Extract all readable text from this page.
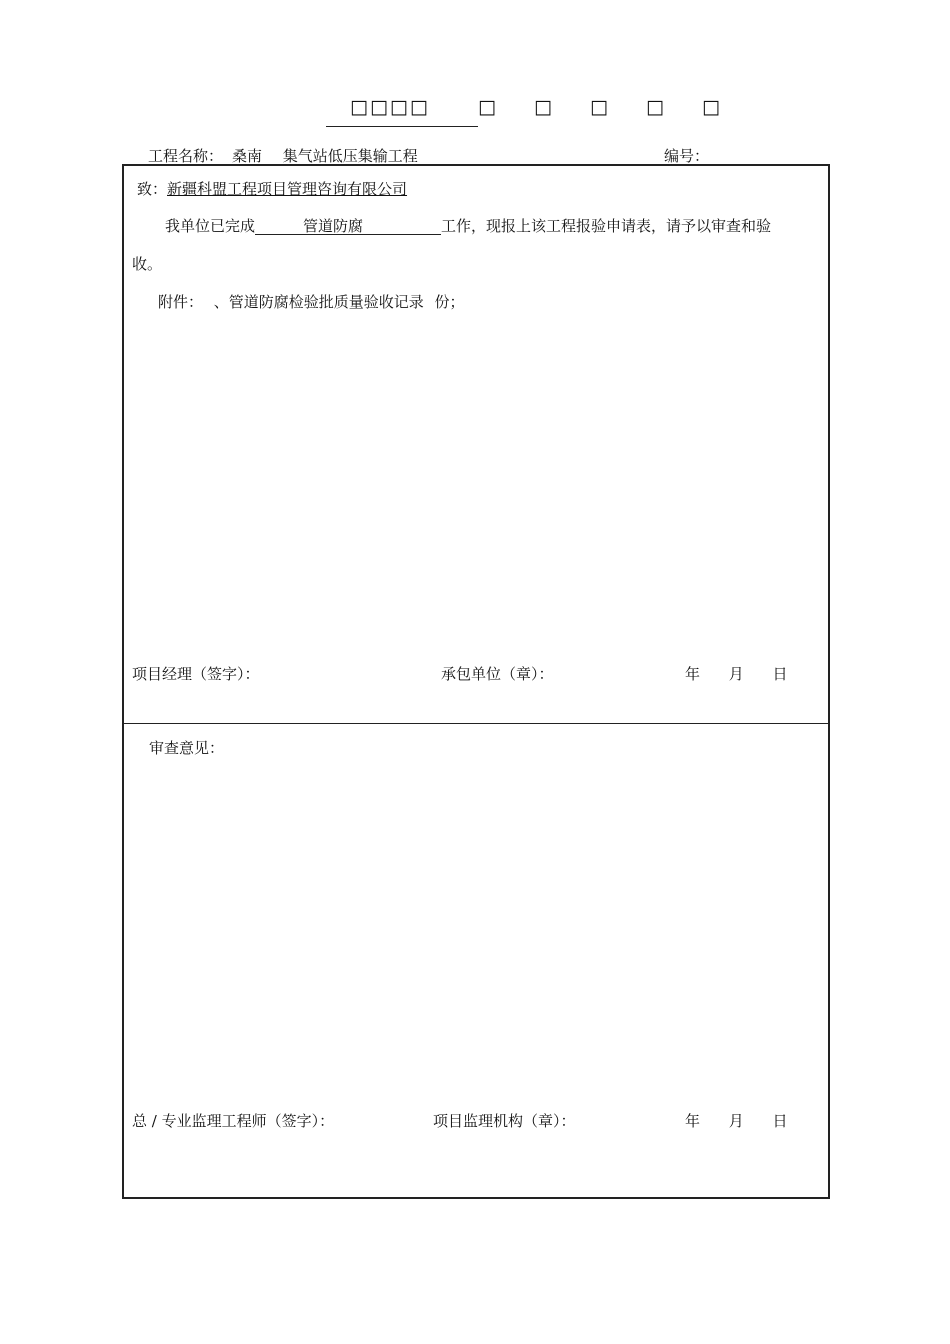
□□□□	□ □ □ □ □
工程名称： 桑南 集气站低压集输工程	编号：
致：新疆科盟工程项目管理咨询有限公司
我单位已完成	管道防腐	工作，现报上该工程报验申请表，请予以审查和验
收。
附件： 、管道防腐检验批质量验收记录 份；
项目经理（签字）：	承包单位（章）：	年 月 日
审查意见：
总 / 专业监理工程师（签字）：	项目监理机构（章）：	年 月 日
